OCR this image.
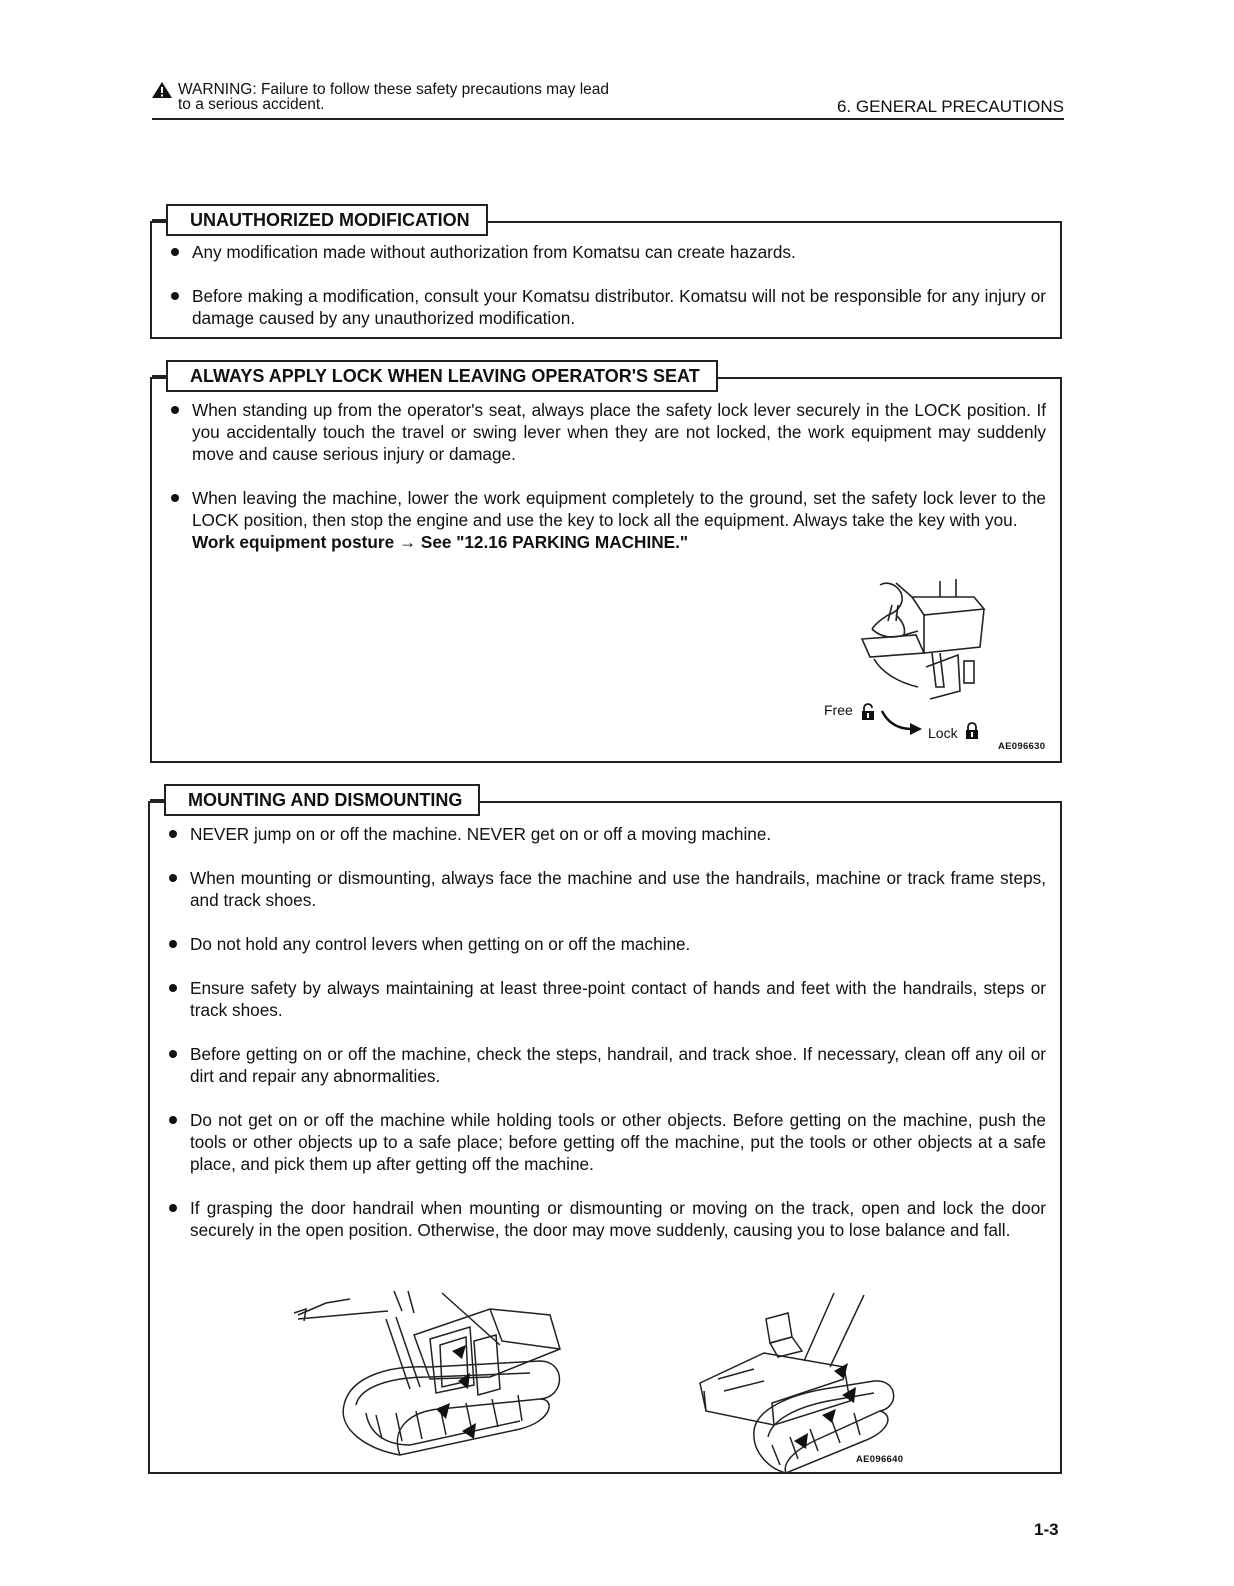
WARNING: Failure to follow these safety precautions may lead
to a serious accident.	6. GENERAL PRECAUTIONS
UNAUTHORIZED MODIFICATION
Any modification made without authorization from Komatsu can create hazards.
Before making a modification, consult your Komatsu distributor. Komatsu will not be responsible for any injury or damage caused by any unauthorized modification.
ALWAYS APPLY LOCK WHEN LEAVING OPERATOR'S SEAT
When standing up from the operator's seat, always place the safety lock lever securely in the LOCK position. If you accidentally touch the travel or swing lever when they are not locked, the work equipment may suddenly move and cause serious injury or damage.
When leaving the machine, lower the work equipment completely to the ground, set the safety lock lever to the LOCK position, then stop the engine and use the key to lock all the equipment. Always take the key with you.
Work equipment posture → See "12.16 PARKING MACHINE."
Free
Lock
AE096630
MOUNTING AND DISMOUNTING
NEVER jump on or off the machine. NEVER get on or off a moving machine.
When mounting or dismounting, always face the machine and use the handrails, machine or track frame steps, and track shoes.
Do not hold any control levers when getting on or off the machine.
Ensure safety by always maintaining at least three-point contact of hands and feet with the handrails, steps or track shoes.
Before getting on or off the machine, check the steps, handrail, and track shoe. If necessary, clean off any oil or dirt and repair any abnormalities.
Do not get on or off the machine while holding tools or other objects. Before getting on the machine, push the tools or other objects up to a safe place; before getting off the machine, put the tools or other objects at a safe place, and pick them up after getting off the machine.
If grasping the door handrail when mounting or dismounting or moving on the track, open and lock the door securely in the open position. Otherwise, the door may move suddenly, causing you to lose balance and fall.
AE096640
1-3
